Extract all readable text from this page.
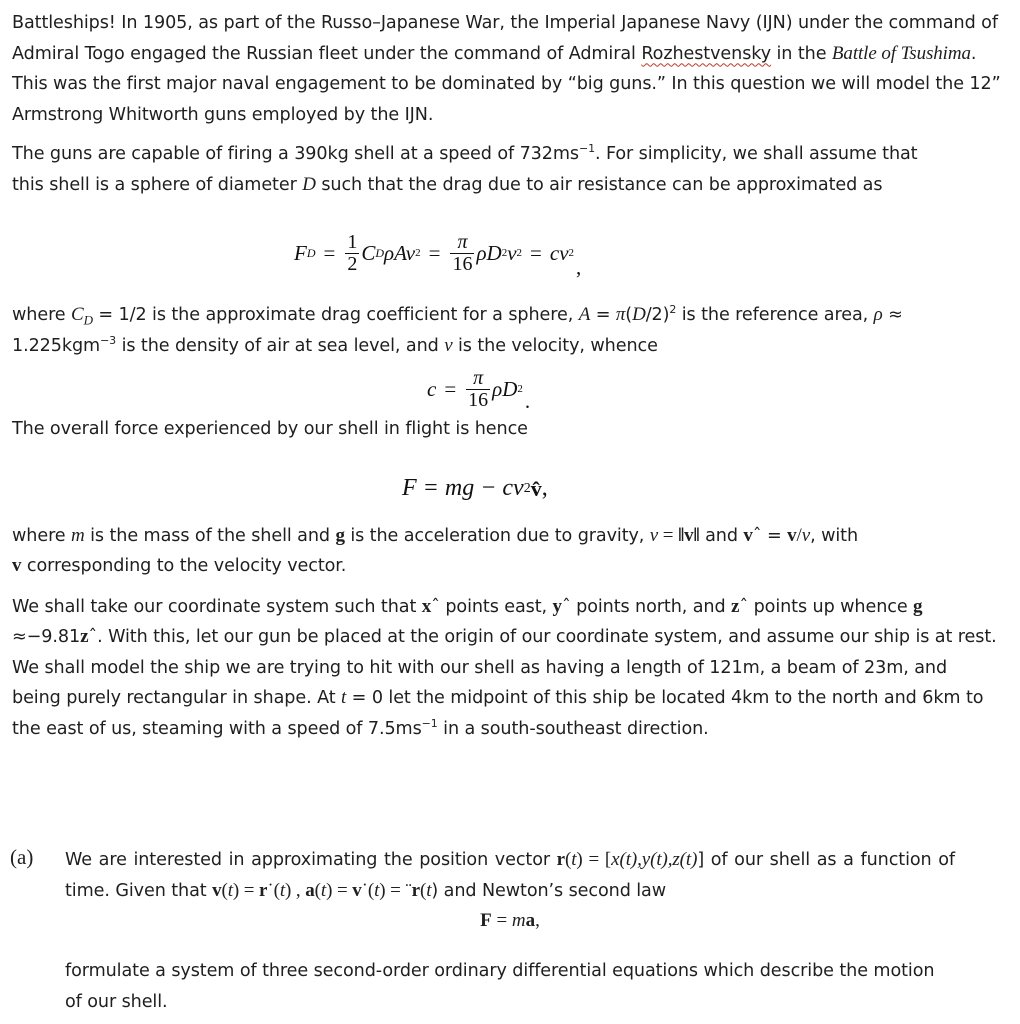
Battleships! In 1905, as part of the Russo–Japanese War, the Imperial Japanese Navy (IJN) under the command of Admiral Togo engaged the Russian fleet under the command of Admiral Rozhestvensky in the Battle of Tsushima. This was the first major naval engagement to be dominated by “big guns.” In this question we will model the 12” Armstrong Whitworth guns employed by the IJN.

The guns are capable of firing a 390kg shell at a speed of $732ms^{-1}$. For simplicity, we shall assume that this shell is a sphere of diameter D such that the drag due to air resistance can be approximated as

F $D = \frac{1}{2}$ C D ρAv $2 = \frac{\pi}{16}$ ρD 2 v 2 = cv 2
,

where $C_D = 1/2$ is the approximate drag coefficient for a sphere, $A = \pi(D/2)^2$ is the reference area, ρ ≈ 1.225kgm$^{-3}$ is the density of air at sea level, and v is the velocity, whence

$c = \frac{\pi}{16}$ ρD 2 .

The overall force experienced by our shell in flight is hence

F = mg − cv 2 v̂ ,

where m is the mass of the shell and g is the acceleration due to gravity, v = ‖v‖ and vˆ = v/v, with
v corresponding to the velocity vector.

We shall take our coordinate system such that xˆ points east, yˆ points north, and zˆ points up whence g ≈−9.81zˆ. With this, let our gun be placed at the origin of our coordinate system, and assume our ship is at rest. We shall model the ship we are trying to hit with our shell as having a length of 121m, a beam of 23m, and being purely rectangular in shape. At t = 0 let the midpoint of this ship be located 4km to the north and 6km to the east of us, steaming with a speed of $7.5ms^{-1}$ in a south-southeast direction.

(a) We are interested in approximating the position vector r(t) = [x(t),y(t),z(t)] of our shell as a function of time. Given that v(t) = r˙(t) , a(t) = v˙(t) = ¨r(t) and Newton’s second law

F = ma,

formulate a system of three second-order ordinary differential equations which describe the motion of our shell.
